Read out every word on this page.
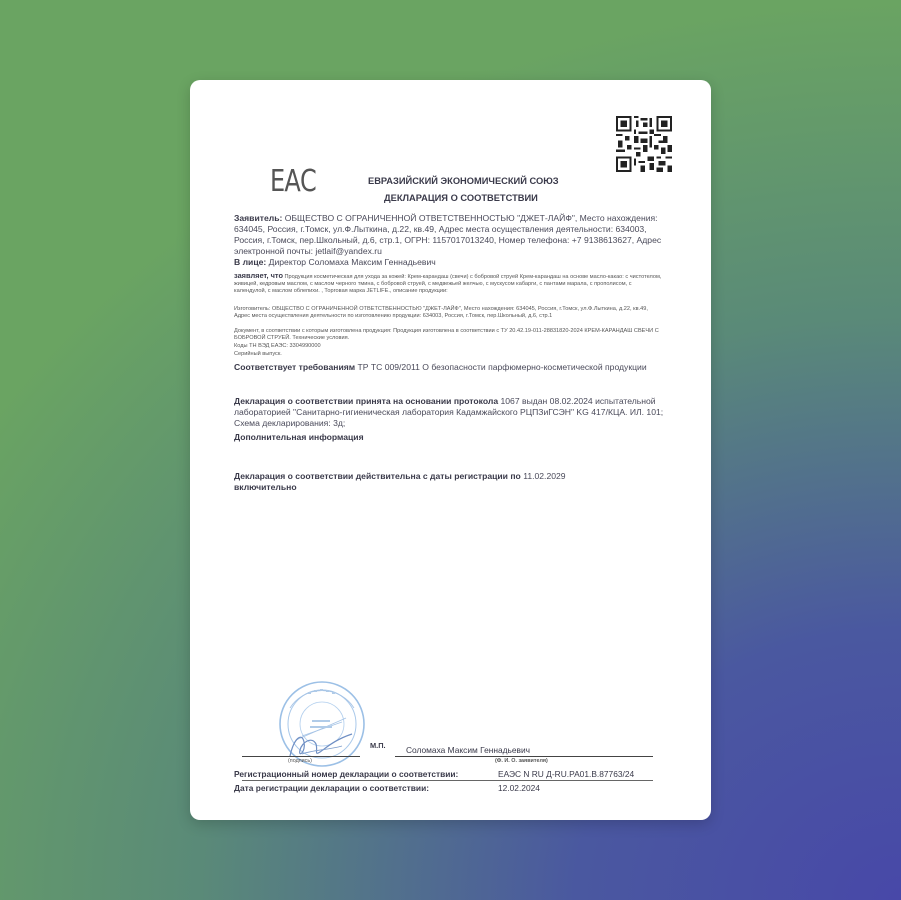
ЕАС	ЕВРАЗИЙСКИЙ ЭКОНОМИЧЕСКИЙ СОЮЗ
ДЕКЛАРАЦИЯ О СООТВЕТСТВИИ
Заявитель: ОБЩЕСТВО С ОГРАНИЧЕННОЙ ОТВЕТСТВЕННОСТЬЮ "ДЖЕТ-ЛАЙФ", Место нахождения: 634045, Россия, г.Томск, ул.Ф.Лыткина, д.22, кв.49, Адрес места осуществления деятельности: 634003, Россия, г.Томск, пер.Школьный, д.6, стр.1, ОГРН: 1157017013240, Номер телефона: +7 9138613627, Адрес электронной почты: jetlaif@yandex.ru
В лице: Директор Соломаха Максим Геннадьевич
заявляет, что Продукция косметическая для ухода за кожей: Крем-карандаш (свечи) с бобровой струей Крем-карандаш на основе масло-какао: с чистотелом, живицей, кедровым маслом, с маслом черного тмина, с бобровой струей, с медвежьей желчью, с мускусом кабарги, с пантами марала, с прополисом, с календулой, с маслом облепихи. , Торговая марка JETLIFE., описание продукции:
Изготовитель: ОБЩЕСТВО С ОГРАНИЧЕННОЙ ОТВЕТСТВЕННОСТЬЮ "ДЖЕТ-ЛАЙФ", Место нахождения: 634045, Россия, г.Томск, ул.Ф.Лыткина, д.22, кв.49, Адрес места осуществления деятельности по изготовлению продукции: 634003, Россия, г.Томск, пер.Школьный, д.6, стр.1
Документ, в соответствии с которым изготовлена продукция: Продукция изготовлена в соответствии с ТУ 20.42.19-011-28831820-2024 КРЕМ-КАРАНДАШ СВЕЧИ С БОБРОВОЙ СТРУЕЙ. Технические условия.
Коды ТН ВЭД ЕАЭС: 3304990000
Серийный выпуск.
Соответствует требованиям ТР ТС 009/2011 О безопасности парфюмерно-косметической продукции
Декларация о соответствии принята на основании протокола 1067 выдан 08.02.2024 испытательной лабораторией "Санитарно-гигиеническая лаборатория Кадамжайского РЦПЗиГСЭН" KG 417/КЦА. ИЛ. 101; Схема декларирования: 3д;
Дополнительная информация
Декларация о соответствии действительна с даты регистрации по 11.02.2029
включительно
(подпись)
М.П. Соломаха Максим Геннадьевич
(Ф. И. О. заявителя)
Регистрационный номер декларации о соответствии:	ЕАЭС N RU Д-RU.РА01.В.87763/24
Дата регистрации декларации о соответствии:	12.02.2024
